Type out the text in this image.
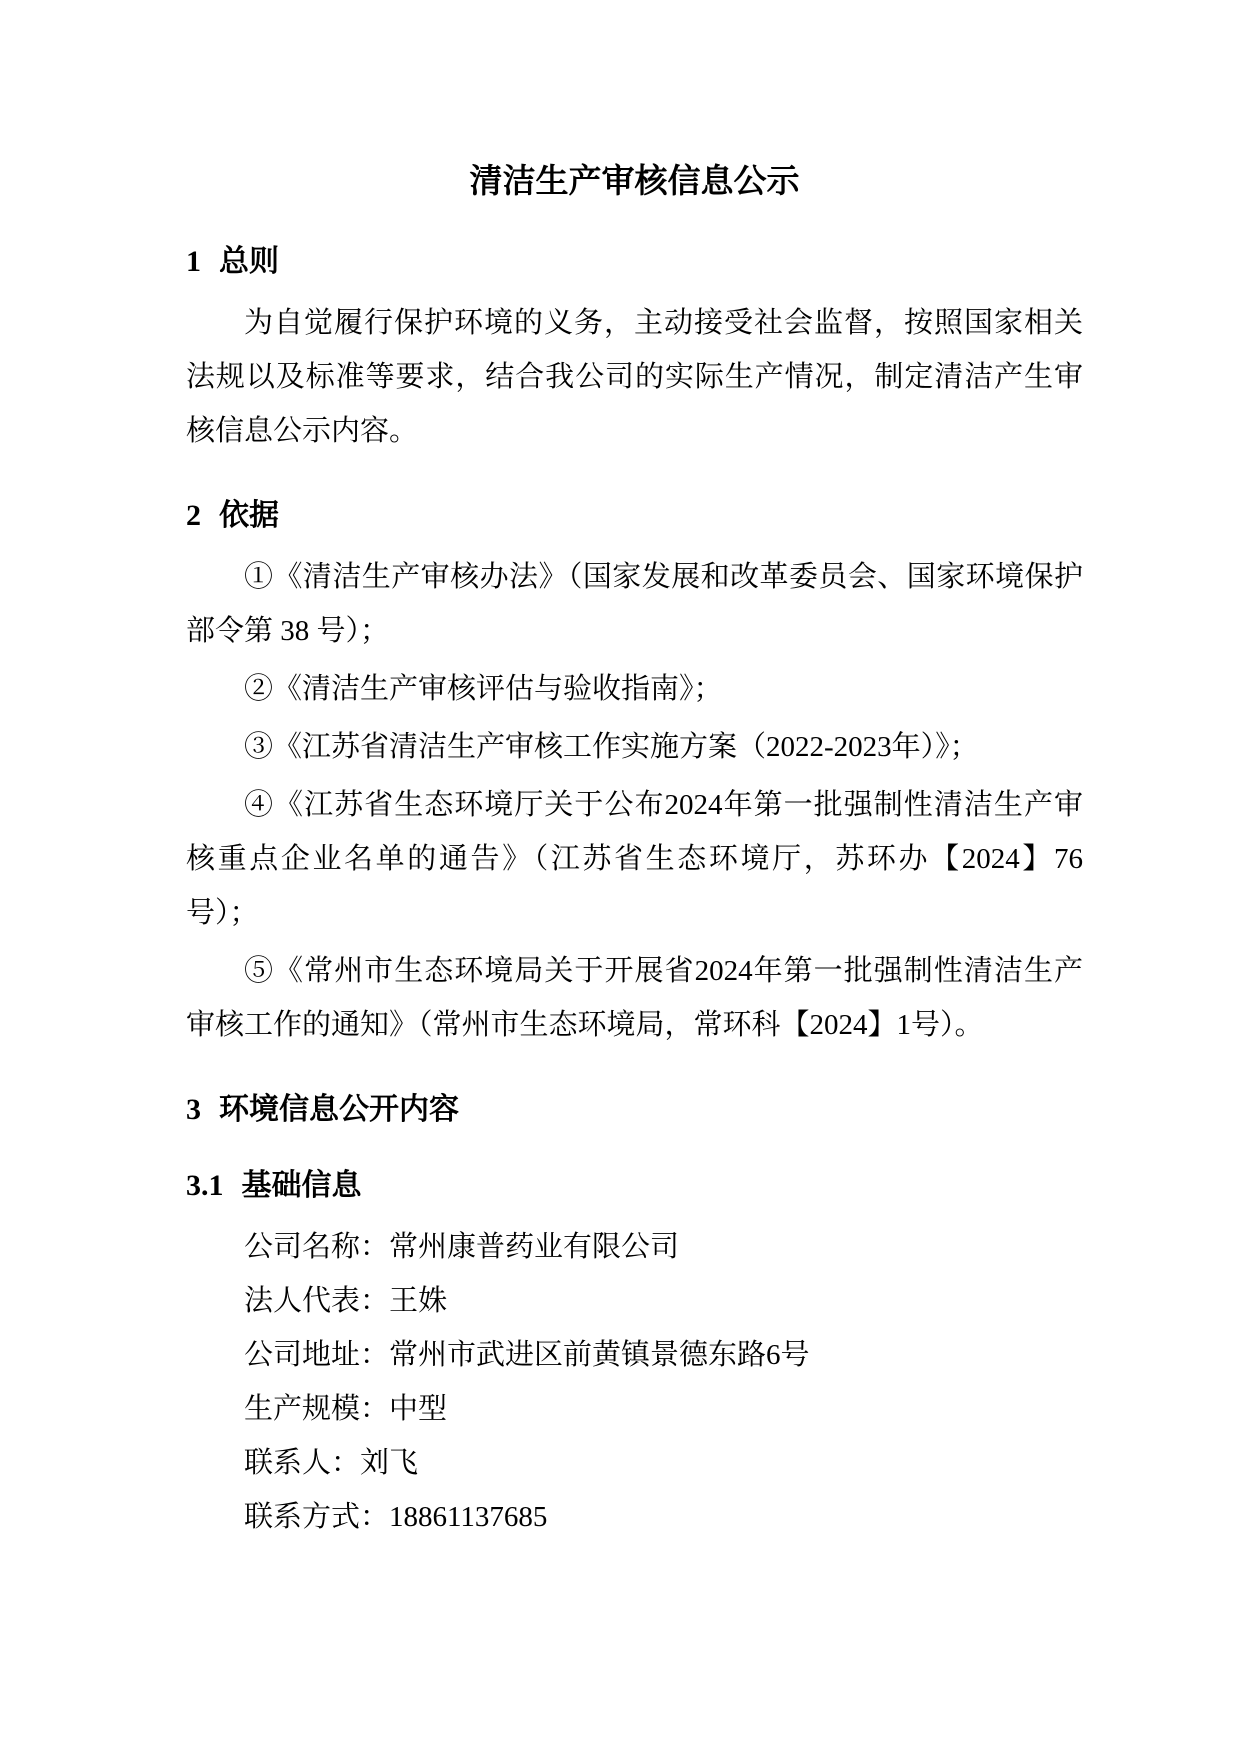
清洁生产审核信息公示
1 总则

为自觉履行保护环境的义务，主动接受社会监督，按照国家相关法规以及标准等要求，结合我公司的实际生产情况，制定清洁产生审核信息公示内容。

2 依据

①《清洁生产审核办法》（国家发展和改革委员会、国家环境保护部令第 38 号）；

②《清洁生产审核评估与验收指南》；

③《江苏省清洁生产审核工作实施方案（2022-2023年）》；

④《江苏省生态环境厅关于公布2024年第一批强制性清洁生产审核重点企业名单的通告》（江苏省生态环境厅，苏环办【2024】76 号）；

⑤《常州市生态环境局关于开展省2024年第一批强制性清洁生产审核工作的通知》（常州市生态环境局，常环科【2024】1号）。

3 环境信息公开内容
3.1 基础信息

公司名称：常州康普药业有限公司

法人代表：王姝

公司地址：常州市武进区前黄镇景德东路6号

生产规模：中型

联系人：刘飞

联系方式：18861137685
